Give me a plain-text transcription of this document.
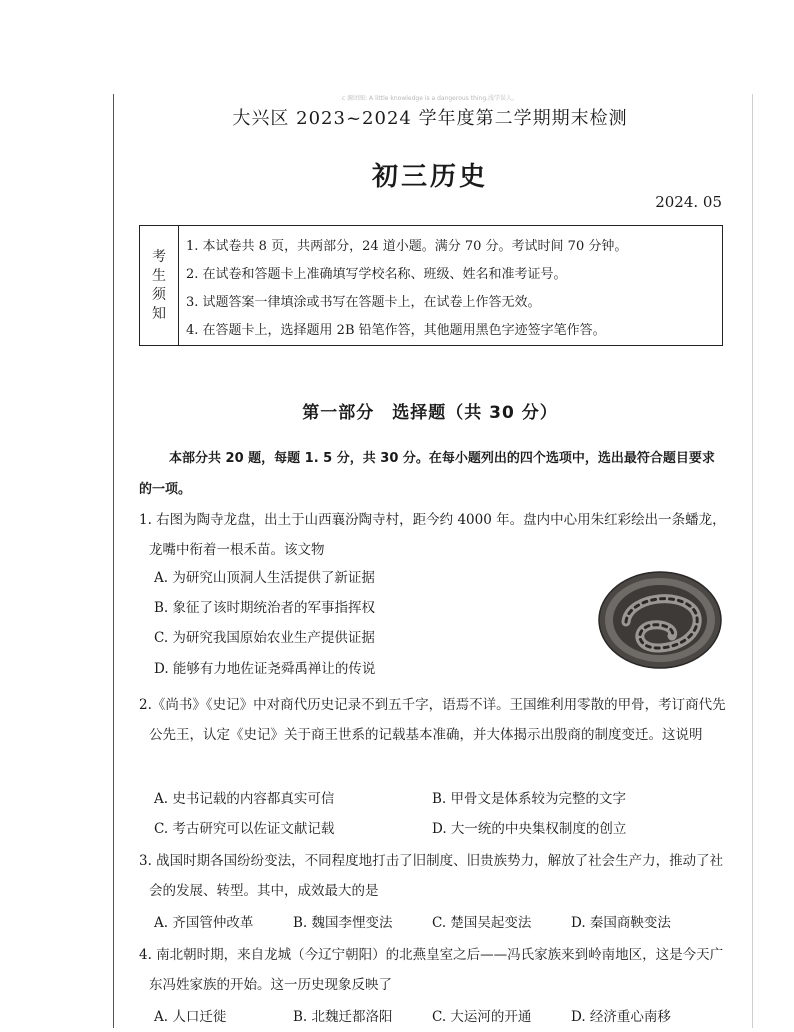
c 源团图: A little knowledge is a dangerous thing.浅学误人。
大兴区 2023~2024 学年度第二学期期末检测
初三历史
2024. 05
考
生
须
知
1. 本试卷共 8 页，共两部分，24 道小题。满分 70 分。考试时间 70 分钟。
2. 在试卷和答题卡上准确填写学校名称、班级、姓名和准考证号。
3. 试题答案一律填涂或书写在答题卡上，在试卷上作答无效。
4. 在答题卡上，选择题用 2B 铅笔作答，其他题用黑色字迹签字笔作答。
第一部分　选择题（共 30 分）
本部分共 20 题，每题 1. 5 分，共 30 分。在每小题列出的四个选项中，选出最符合题目要求的一项。
1. 右图为陶寺龙盘，出土于山西襄汾陶寺村，距今约 4000 年。盘内中心用朱红彩绘出一条蟠龙，龙嘴中衔着一根禾苗。该文物
A. 为研究山顶洞人生活提供了新证据
B. 象征了该时期统治者的军事指挥权
C. 为研究我国原始农业生产提供证据
D. 能够有力地佐证尧舜禹禅让的传说
2.《尚书》《史记》中对商代历史记录不到五千字，语焉不详。王国维利用零散的甲骨，考订商代先公先王，认定《史记》关于商王世系的记载基本准确，并大体揭示出殷商的制度变迁。这说明
A. 史书记载的内容都真实可信	B. 甲骨文是体系较为完整的文字
C. 考古研究可以佐证文献记载	D. 大一统的中央集权制度的创立
3. 战国时期各国纷纷变法，不同程度地打击了旧制度、旧贵族势力，解放了社会生产力，推动了社会的发展、转型。其中，成效最大的是
A. 齐国管仲改革	B. 魏国李悝变法	C. 楚国吴起变法	D. 秦国商鞅变法
4. 南北朝时期，来自龙城（今辽宁朝阳）的北燕皇室之后——冯氏家族来到岭南地区，这是今天广东冯姓家族的开始。这一历史现象反映了
A. 人口迁徙	B. 北魏迁都洛阳	C. 大运河的开通	D. 经济重心南移
